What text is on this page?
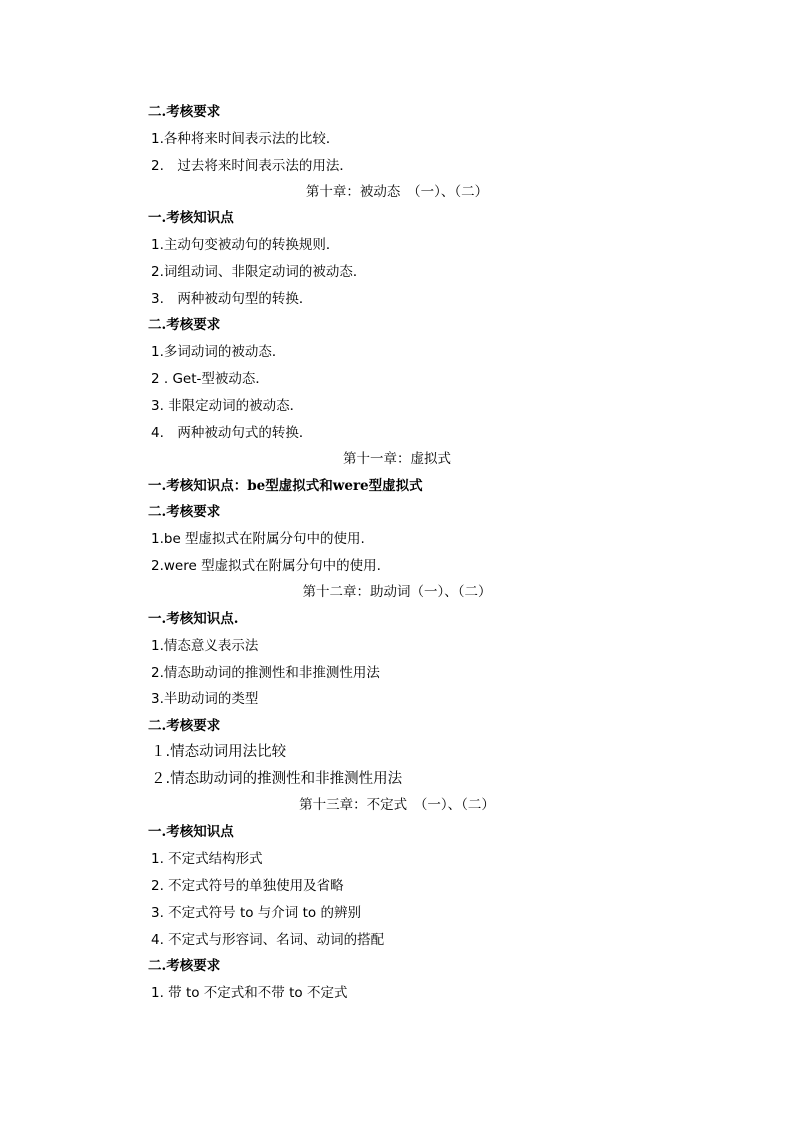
二.考核要求
1.各种将来时间表示法的比较．
2.　过去将来时间表示法的用法．
第十章：被动态　（一）、（二）
一.考核知识点
1.主动句变被动句的转换规则．
2.词组动词、非限定动词的被动态．
3.　两种被动句型的转换．
二.考核要求
1.多词动词的被动态．
2 . Get-型被动态．
3. 非限定动词的被动态．
4.　两种被动句式的转换．
第十一章：虚拟式
一.考核知识点：be型虚拟式和were型虚拟式
二.考核要求
1.be 型虚拟式在附属分句中的使用.
2.were 型虚拟式在附属分句中的使用.
第十二章：助动词（一）、（二）
一.考核知识点.
1.情态意义表示法
2.情态助动词的推测性和非推测性用法
3.半助动词的类型
二.考核要求
１.情态动词用法比较
２.情态助动词的推测性和非推测性用法
第十三章：不定式　（一）、（二）
一.考核知识点
1. 不定式结构形式
2. 不定式符号的单独使用及省略
3. 不定式符号 to 与介词 to 的辨别
4. 不定式与形容词、名词、动词的搭配
二.考核要求
1. 带 to 不定式和不带 to 不定式
